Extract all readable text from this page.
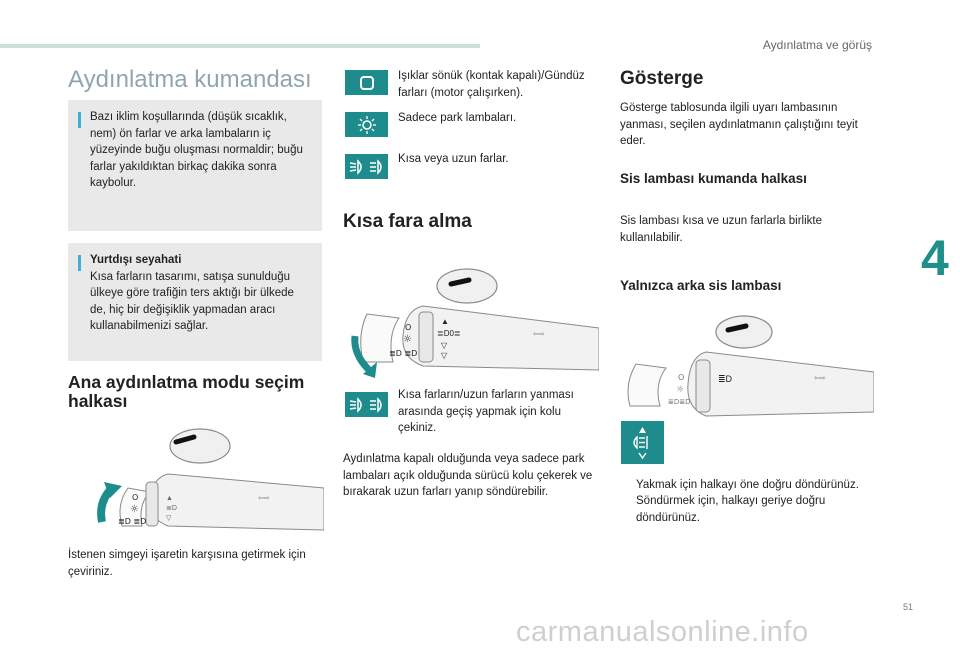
Aydınlatma ve görüş
4
Aydınlatma kumandası
Bazı iklim koşullarında (düşük sıcaklık, nem) ön farlar ve arka lambaların iç yüzeyinde buğu oluşması normaldir; buğu farlar yakıldıktan birkaç dakika sonra kaybolur.
Yurtdışı seyahati
Kısa farların tasarımı, satışa sunulduğu ülkeye göre trafiğin ters aktığı bir ülkede de, hiç bir değişiklik yapmadan aracı kullanabilmenizi sağlar.
Ana aydınlatma modu seçim halkası
O
☼
≣D ≣D
▲
≣D
▽
⇦⇨
İstenen simgeyi işaretin karşısına getirmek için çeviriniz.
Işıklar sönük (kontak kapalı)/Gündüz farları (motor çalışırken).
Sadece park lambaları.
Kısa veya uzun farlar.
Kısa fara alma
O
☼
≣D ≣D
▲
≣D0≣
▽
▽
⇦⇨
Kısa farların/uzun farların yanması arasında geçiş yapmak için kolu çekiniz.
Aydınlatma kapalı olduğunda veya sadece park lambaları açık olduğunda sürücü kolu çekerek ve bırakarak uzun farları yanıp söndürebilir.
Gösterge
Gösterge tablosunda ilgili uyarı lambasının yanması, seçilen aydınlatmanın çalıştığını teyit eder.
Sis lambası kumanda halkası
Sis lambası kısa ve uzun farlarla birlikte kullanılabilir.
Yalnızca arka sis lambası
O
☼
≣D≣D
≣D	⇦⇨
Yakmak için halkayı öne doğru döndürünüz.
Söndürmek için, halkayı geriye doğru döndürünüz.
51
carmanualsonline.info
